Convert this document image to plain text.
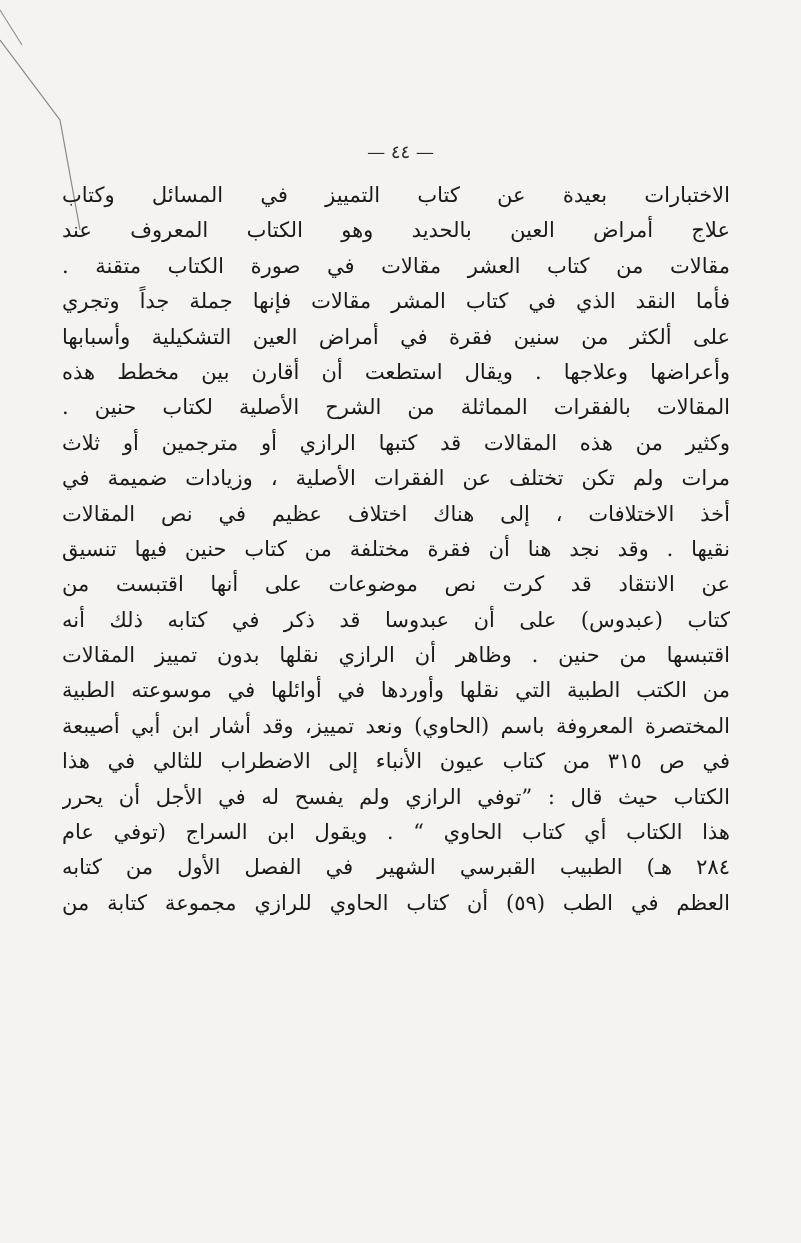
— ٤٤ —
الاختبارات بعيدة عن كتاب التمييز في المسائل وكتاب
علاج أمراض العين بالحديد وهو الكتاب المعروف عند
مقالات من كتاب العشر مقالات في صورة الكتاب متقنة .
فأما النقد الذي في كتاب المشر مقالات فإنها جملة جداً وتجري
على ألكثر من سنين فقرة في أمراض العين التشكيلية وأسبابها
وأعراضها وعلاجها . ويقال استطعت أن أقارن بين مخطط هذه
المقالات بالفقرات المماثلة من الشرح الأصلية لكتاب حنين .
وكثير من هذه المقالات قد كتبها الرازي أو مترجمين أو ثلاث
مرات ولم تكن تختلف عن الفقرات الأصلية ، وزيادات ضميمة في
أخذ الاختلافات ، إلى هناك اختلاف عظيم في نص المقالات
نقيها . وقد نجد هنا أن فقرة مختلفة من كتاب حنين فيها تنسيق
عن الانتقاد قد كرت نص موضوعات على أنها اقتبست من
كتاب (عبدوس) على أن عبدوسا قد ذكر في كتابه ذلك أنه
اقتبسها من حنين . وظاهر أن الرازي نقلها بدون تمييز المقالات
من الكتب الطبية التي نقلها وأوردها في أوائلها في موسوعته الطبية
المختصرة المعروفة باسم (الحاوي) ونعد تمييز، وقد أشار ابن أبي أصيبعة
في ص ٣١٥ من كتاب عيون الأنباء إلى الاضطراب للثالي في هذا
الكتاب حيث قال : ”توفي الرازي ولم يفسح له في الأجل أن يحرر
هذا الكتاب أي كتاب الحاوي “ . ويقول ابن السراج (توفي عام
٢٨٤ هـ) الطبيب القبرسي الشهير في الفصل الأول من كتابه
العظم في الطب (٥٩) أن كتاب الحاوي للرازي مجموعة كتابة من
